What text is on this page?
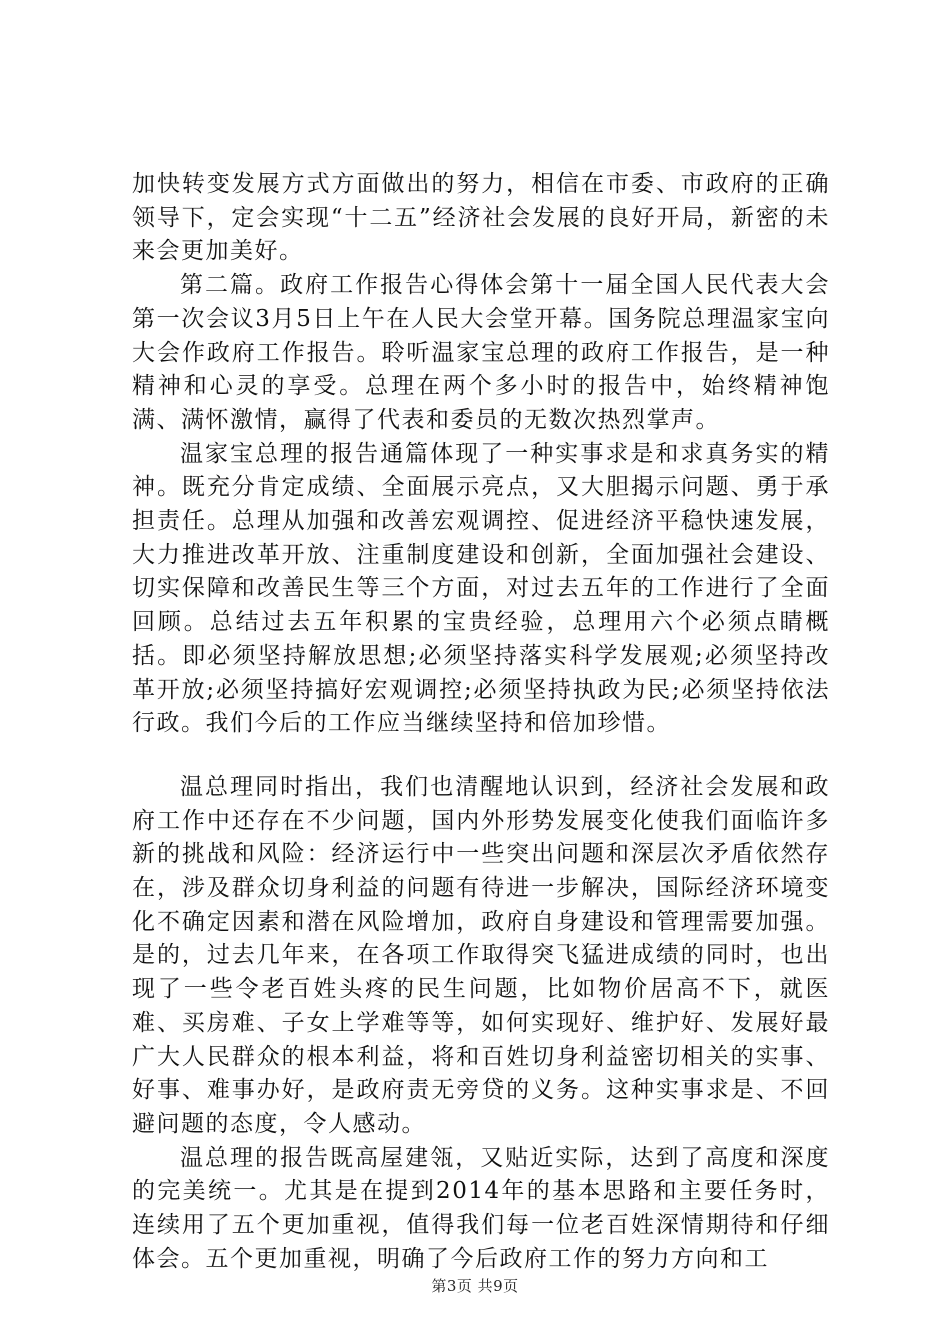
加快转变发展方式方面做出的努力，相信在市委、市政府的正确领导下，定会实现“十二五”经济社会发展的良好开局，新密的未来会更加美好。

第二篇。政府工作报告心得体会第十一届全国人民代表大会第一次会议3月5日上午在人民大会堂开幕。国务院总理温家宝向大会作政府工作报告。聆听温家宝总理的政府工作报告，是一种精神和心灵的享受。总理在两个多小时的报告中，始终精神饱满、满怀激情，赢得了代表和委员的无数次热烈掌声。

温家宝总理的报告通篇体现了一种实事求是和求真务实的精神。既充分肯定成绩、全面展示亮点，又大胆揭示问题、勇于承担责任。总理从加强和改善宏观调控、促进经济平稳快速发展，大力推进改革开放、注重制度建设和创新，全面加强社会建设、切实保障和改善民生等三个方面，对过去五年的工作进行了全面回顾。总结过去五年积累的宝贵经验，总理用六个必须点睛概括。即必须坚持解放思想;必须坚持落实科学发展观;必须坚持改革开放;必须坚持搞好宏观调控;必须坚持执政为民;必须坚持依法行政。我们今后的工作应当继续坚持和倍加珍惜。

温总理同时指出，我们也清醒地认识到，经济社会发展和政府工作中还存在不少问题，国内外形势发展变化使我们面临许多新的挑战和风险：经济运行中一些突出问题和深层次矛盾依然存在，涉及群众切身利益的问题有待进一步解决，国际经济环境变化不确定因素和潜在风险增加，政府自身建设和管理需要加强。是的，过去几年来，在各项工作取得突飞猛进成绩的同时，也出现了一些令老百姓头疼的民生问题，比如物价居高不下，就医难、买房难、子女上学难等等，如何实现好、维护好、发展好最广大人民群众的根本利益，将和百姓切身利益密切相关的实事、好事、难事办好，是政府责无旁贷的义务。这种实事求是、不回避问题的态度，令人感动。

温总理的报告既高屋建瓴，又贴近实际，达到了高度和深度的完美统一。尤其是在提到2014年的基本思路和主要任务时，连续用了五个更加重视，值得我们每一位老百姓深情期待和仔细体会。五个更加重视，明确了今后政府工作的努力方向和工

第3页 共9页
